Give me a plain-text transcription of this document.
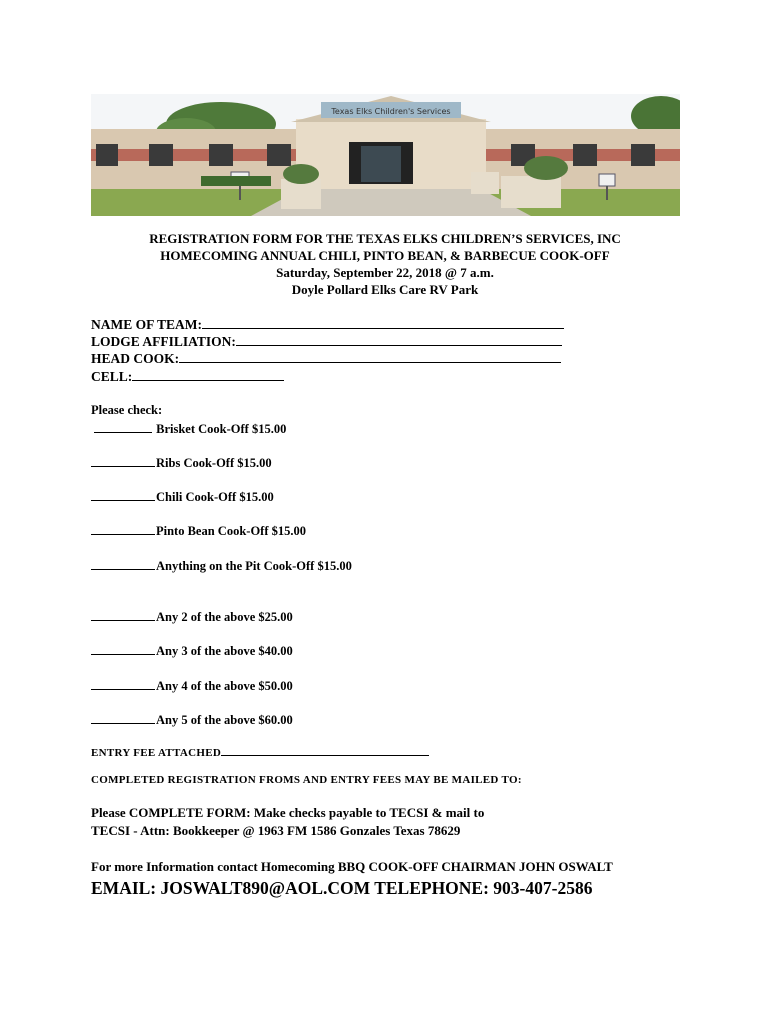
Texas Elks Children's Services
REGISTRATION FORM FOR THE TEXAS ELKS CHILDREN’S SERVICES, INC
HOMECOMING ANNUAL CHILI, PINTO BEAN, & BARBECUE COOK-OFF
Saturday, September 22, 2018 @ 7 a.m.
Doyle Pollard Elks Care RV Park
NAME OF TEAM:
LODGE AFFILIATION:
HEAD COOK:
CELL:
Please check:
Brisket Cook-Off $15.00
Ribs Cook-Off $15.00
Chili Cook-Off $15.00
Pinto Bean Cook-Off $15.00
Anything on the Pit Cook-Off $15.00
Any 2 of the above $25.00
Any 3 of the above $40.00
Any 4 of the above $50.00
Any 5 of the above $60.00
ENTRY FEE ATTACHED
COMPLETED REGISTRATION FROMS AND ENTRY FEES MAY BE MAILED TO:
Please COMPLETE FORM: Make checks payable to TECSI & mail to
TECSI - Attn: Bookkeeper @ 1963 FM 1586 Gonzales Texas 78629
For more Information contact Homecoming BBQ COOK-OFF CHAIRMAN JOHN OSWALT
EMAIL: JOSWALT890@AOL.COM TELEPHONE: 903-407-2586
